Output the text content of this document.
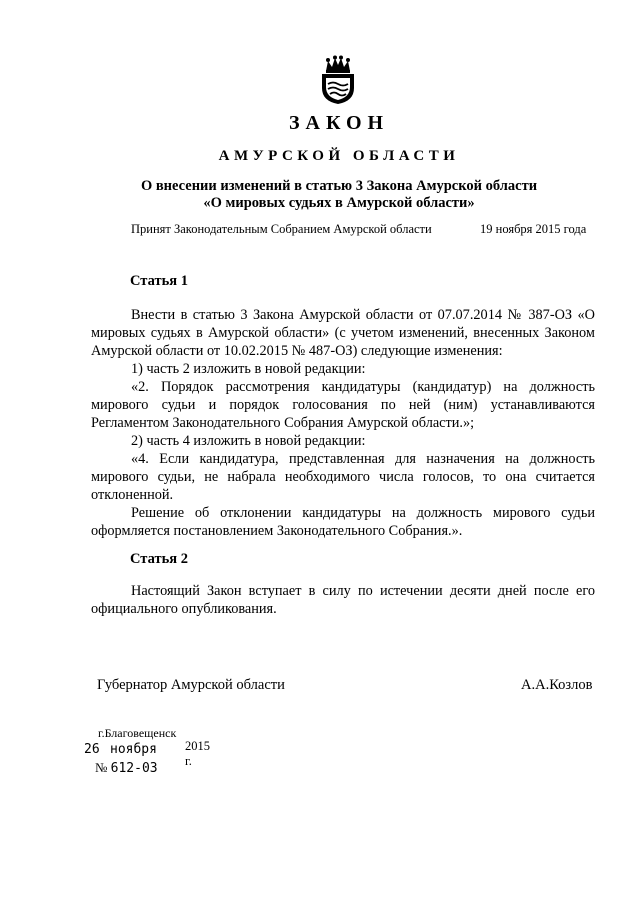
ЗАКОН
АМУРСКОЙ ОБЛАСТИ
О внесении изменений в статью 3 Закона Амурской области
«О мировых судьях в Амурской области»
Принят Законодательным Собранием Амурской области	19 ноября 2015 года
Статья 1

Внести в статью 3 Закона Амурской области от 07.07.2014 № 387-ОЗ «О мировых судьях в Амурской области» (с учетом изменений, внесенных Законом Амурской области от 10.02.2015 № 487-ОЗ) следующие изменения:

1) часть 2 изложить в новой редакции:

«2. Порядок рассмотрения кандидатуры (кандидатур) на должность мирового судьи и порядок голосования по ней (ним) устанавливаются Регламентом Законодательного Собрания Амурской области.»;

2) часть 4 изложить в новой редакции:

«4. Если кандидатура, представленная для назначения на должность мирового судьи, не набрала необходимого числа голосов, то она считается отклоненной.

Решение об отклонении кандидатуры на должность мирового судьи оформляется постановлением Законодательного Собрания.».

Статья 2

Настоящий Закон вступает в силу по истечении десяти дней после его официального опубликования.

Губернатор Амурской области	А.А.Козлов
г.Благовещенск
26 ноября 2015 г.
№ 612-03
